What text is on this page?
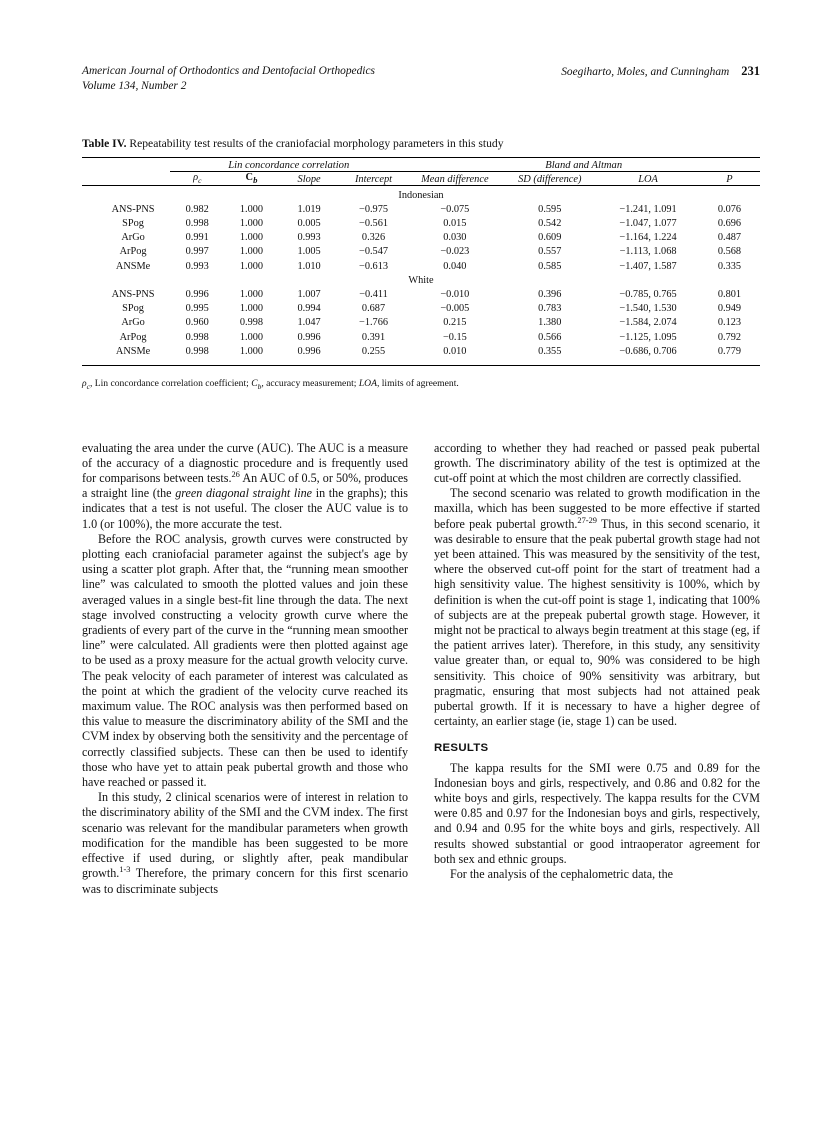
American Journal of Orthodontics and Dentofacial Orthopedics
Volume 134, Number 2
Soegiharto, Moles, and Cunningham 231
Table IV. Repeatability test results of the craniofacial morphology parameters in this study

	Lin concordance correlation				Bland and Altman			
	$\rho_c$	$C_b$	Slope	Intercept	Mean difference	SD (difference)	LOA	P

Indonesian								
ANS-PNS	0.982	1.000	1.019	−0.975	−0.075	0.595	−1.241, 1.091	0.076
SPog	0.998	1.000	0.005	−0.561	0.015	0.542	−1.047, 1.077	0.696
ArGo	0.991	1.000	0.993	0.326	0.030	0.609	−1.164, 1.224	0.487
ArPog	0.997	1.000	1.005	−0.547	−0.023	0.557	−1.113, 1.068	0.568
ANSMe	0.993	1.000	1.010	−0.613	0.040	0.585	−1.407, 1.587	0.335
White								
ANS-PNS	0.996	1.000	1.007	−0.411	−0.010	0.396	−0.785, 0.765	0.801
SPog	0.995	1.000	0.994	0.687	−0.005	0.783	−1.540, 1.530	0.949
ArGo	0.960	0.998	1.047	−1.766	0.215	1.380	−1.584, 2.074	0.123
ArPog	0.998	1.000	0.996	0.391	−0.15	0.566	−1.125, 1.095	0.792
ANSMe	0.998	1.000	0.996	0.255	0.010	0.355	−0.686, 0.706	0.779

$\rho_c$, Lin concordance correlation coefficient; $C_b$, accuracy measurement; LOA, limits of agreement.

evaluating the area under the curve (AUC). The AUC is a measure of the accuracy of a diagnostic procedure and is frequently used for comparisons between tests.$^{26}$ An AUC of 0.5, or 50%, produces a straight line (the green diagonal straight line in the graphs); this indicates that a test is not useful. The closer the AUC value is to 1.0 (or 100%), the more accurate the test.

Before the ROC analysis, growth curves were constructed by plotting each craniofacial parameter against the subject's age by using a scatter plot graph. After that, the “running mean smoother line” was calculated to smooth the plotted values and join these averaged values in a single best-fit line through the data. The next stage involved constructing a velocity growth curve where the gradients of every part of the curve in the “running mean smoother line” were calculated. All gradients were then plotted against age to be used as a proxy measure for the actual growth velocity curve. The peak velocity of each parameter of interest was calculated as the point at which the gradient of the velocity curve reached its maximum value. The ROC analysis was then performed based on this value to measure the discriminatory ability of the SMI and the CVM index by observing both the sensitivity and the percentage of correctly classified subjects. These can then be used to identify those who have yet to attain peak pubertal growth and those who have reached or passed it.

In this study, 2 clinical scenarios were of interest in relation to the discriminatory ability of the SMI and the CVM index. The first scenario was relevant for the mandibular parameters when growth modification for the mandible has been suggested to be more effective if used during, or slightly after, peak mandibular growth.$^{1-3}$ Therefore, the primary concern for this first scenario was to discriminate subjects

according to whether they had reached or passed peak pubertal growth. The discriminatory ability of the test is optimized at the cut-off point at which the most children are correctly classified.

The second scenario was related to growth modification in the maxilla, which has been suggested to be more effective if started before peak pubertal growth.$^{27-29}$ Thus, in this second scenario, it was desirable to ensure that the peak pubertal growth stage had not yet been attained. This was measured by the sensitivity of the test, where the observed cut-off point for the start of treatment had a high sensitivity value. The highest sensitivity is 100%, which by definition is when the cut-off point is stage 1, indicating that 100% of subjects are at the prepeak pubertal growth stage. However, it might not be practical to always begin treatment at this stage (eg, if the patient arrives later). Therefore, in this study, any sensitivity value greater than, or equal to, 90% was considered to be high sensitivity. This choice of 90% sensitivity was arbitrary, but pragmatic, ensuring that most subjects had not attained peak pubertal growth. If it is necessary to have a higher degree of certainty, an earlier stage (ie, stage 1) can be used.

RESULTS

The kappa results for the SMI were 0.75 and 0.89 for the Indonesian boys and girls, respectively, and 0.86 and 0.82 for the white boys and girls, respectively. The kappa results for the CVM were 0.85 and 0.97 for the Indonesian boys and girls, respectively, and 0.94 and 0.95 for the white boys and girls, respectively. All results showed substantial or good intraoperator agreement for both sex and ethnic groups.

For the analysis of the cephalometric data, the
